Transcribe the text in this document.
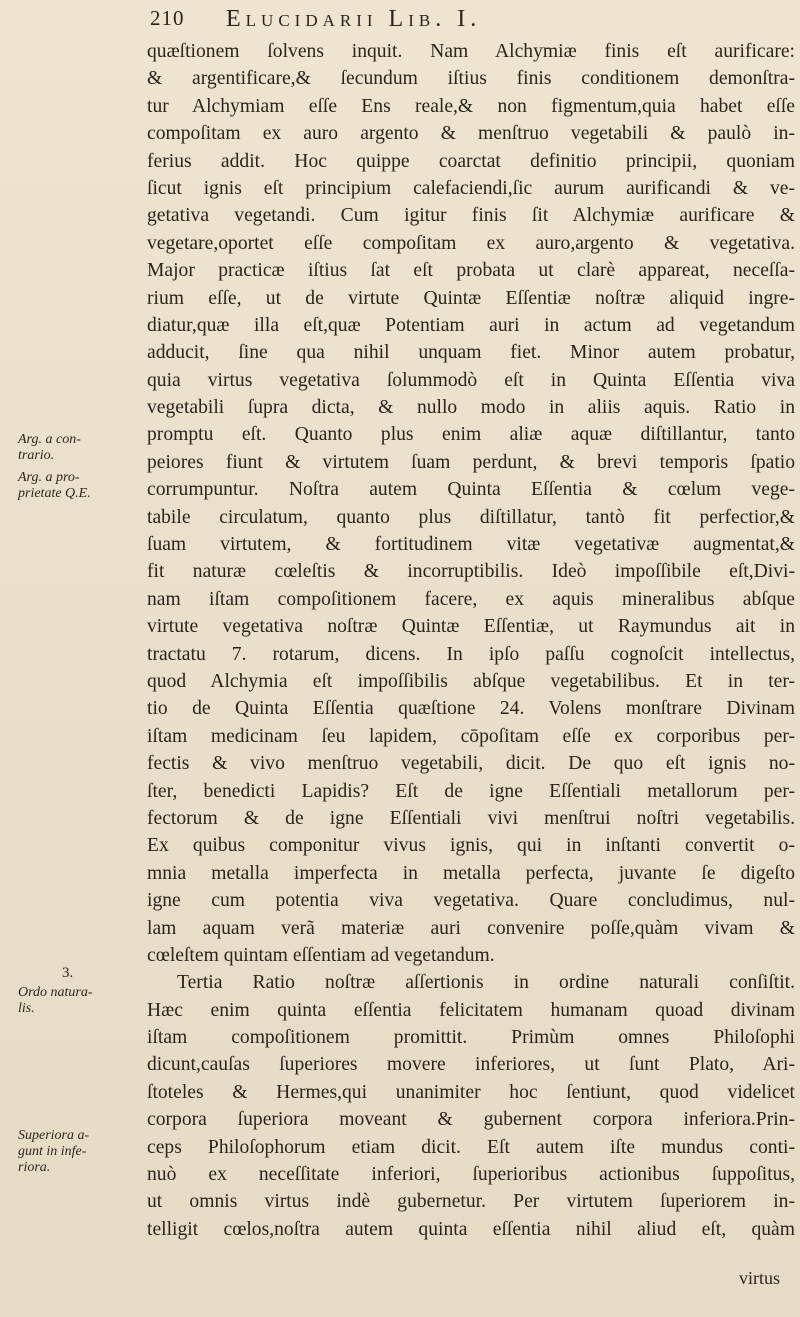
210 Elucidarii Lib. I.
Arg. a con-
trario.
Arg. a pro-
prietate Q.E.
3.
Ordo natura-
lis.
Superiora a-
gunt in infe-
riora.
quæſtionem ſolvens inquit. Nam Alchymiæ finis eſt aurificare:
& argentificare,& ſecundum iſtius finis conditionem demonſtra-
tur Alchymiam eſſe Ens reale,& non figmentum,quia habet eſſe
compoſitam ex auro argento & menſtruo vegetabili & paulò in-
ferius addit. Hoc quippe coarctat definitio principii, quoniam
ſicut ignis eſt principium calefaciendi,ſic aurum aurificandi & ve-
getativa vegetandi. Cum igitur finis ſit Alchymiæ aurificare &
vegetare,oportet eſſe compoſitam ex auro,argento & vegetativa.
Major practicæ iſtius ſat eſt probata ut clarè appareat, neceſſa-
rium eſſe, ut de virtute Quintæ Eſſentiæ noſtræ aliquid ingre-
diatur,quæ illa eſt,quæ Potentiam auri in actum ad vegetandum
adducit, ſine qua nihil unquam fiet. Minor autem probatur,
quia virtus vegetativa ſolummodò eſt in Quinta Eſſentia viva
vegetabili ſupra dicta, & nullo modo in aliis aquis. Ratio in
promptu eſt. Quanto plus enim aliæ aquæ diſtillantur, tanto
peiores fiunt & virtutem ſuam perdunt, & brevi temporis ſpatio
corrumpuntur. Noſtra autem Quinta Eſſentia & cœlum vege-
tabile circulatum, quanto plus diſtillatur, tantò fit perfectior,&
ſuam virtutem, & fortitudinem vitæ vegetativæ augmentat,&
fit naturæ cœleſtis & incorruptibilis. Ideò impoſſibile eſt,Divi-
nam iſtam compoſitionem facere, ex aquis mineralibus abſque
virtute vegetativa noſtræ Quintæ Eſſentiæ, ut Raymundus ait in
tractatu 7. rotarum, dicens. In ipſo paſſu cognoſcit intellectus,
quod Alchymia eſt impoſſibilis abſque vegetabilibus. Et in ter-
tio de Quinta Eſſentia quæſtione 24. Volens monſtrare Divinam
iſtam medicinam ſeu lapidem, cōpoſitam eſſe ex corporibus per-
fectis & vivo menſtruo vegetabili, dicit. De quo eſt ignis no-
ſter, benedicti Lapidis? Eſt de igne Eſſentiali metallorum per-
fectorum & de igne Eſſentiali vivi menſtrui noſtri vegetabilis.
Ex quibus componitur vivus ignis, qui in inſtanti convertit o-
mnia metalla imperfecta in metalla perfecta, juvante ſe digeſto
igne cum potentia viva vegetativa. Quare concludimus, nul-
lam aquam verã materiæ auri convenire poſſe,quàm vivam &
cœleſtem quintam eſſentiam ad vegetandum.
Tertia Ratio noſtræ aſſertionis in ordine naturali conſiſtit.
Hæc enim quinta eſſentia felicitatem humanam quoad divinam
iſtam compoſitionem promittit. Primùm omnes Philoſophi
dicunt,cauſas ſuperiores movere inferiores, ut ſunt Plato, Ari-
ſtoteles & Hermes,qui unanimiter hoc ſentiunt, quod videlicet
corpora ſuperiora moveant & gubernent corpora inferiora.Prin-
ceps Philoſophorum etiam dicit. Eſt autem iſte mundus conti-
nuò ex neceſſitate inferiori, ſuperioribus actionibus ſuppoſitus,
ut omnis virtus indè gubernetur. Per virtutem ſuperiorem in-
telligit cœlos,noſtra autem quinta eſſentia nihil aliud eſt, quàm
virtus
